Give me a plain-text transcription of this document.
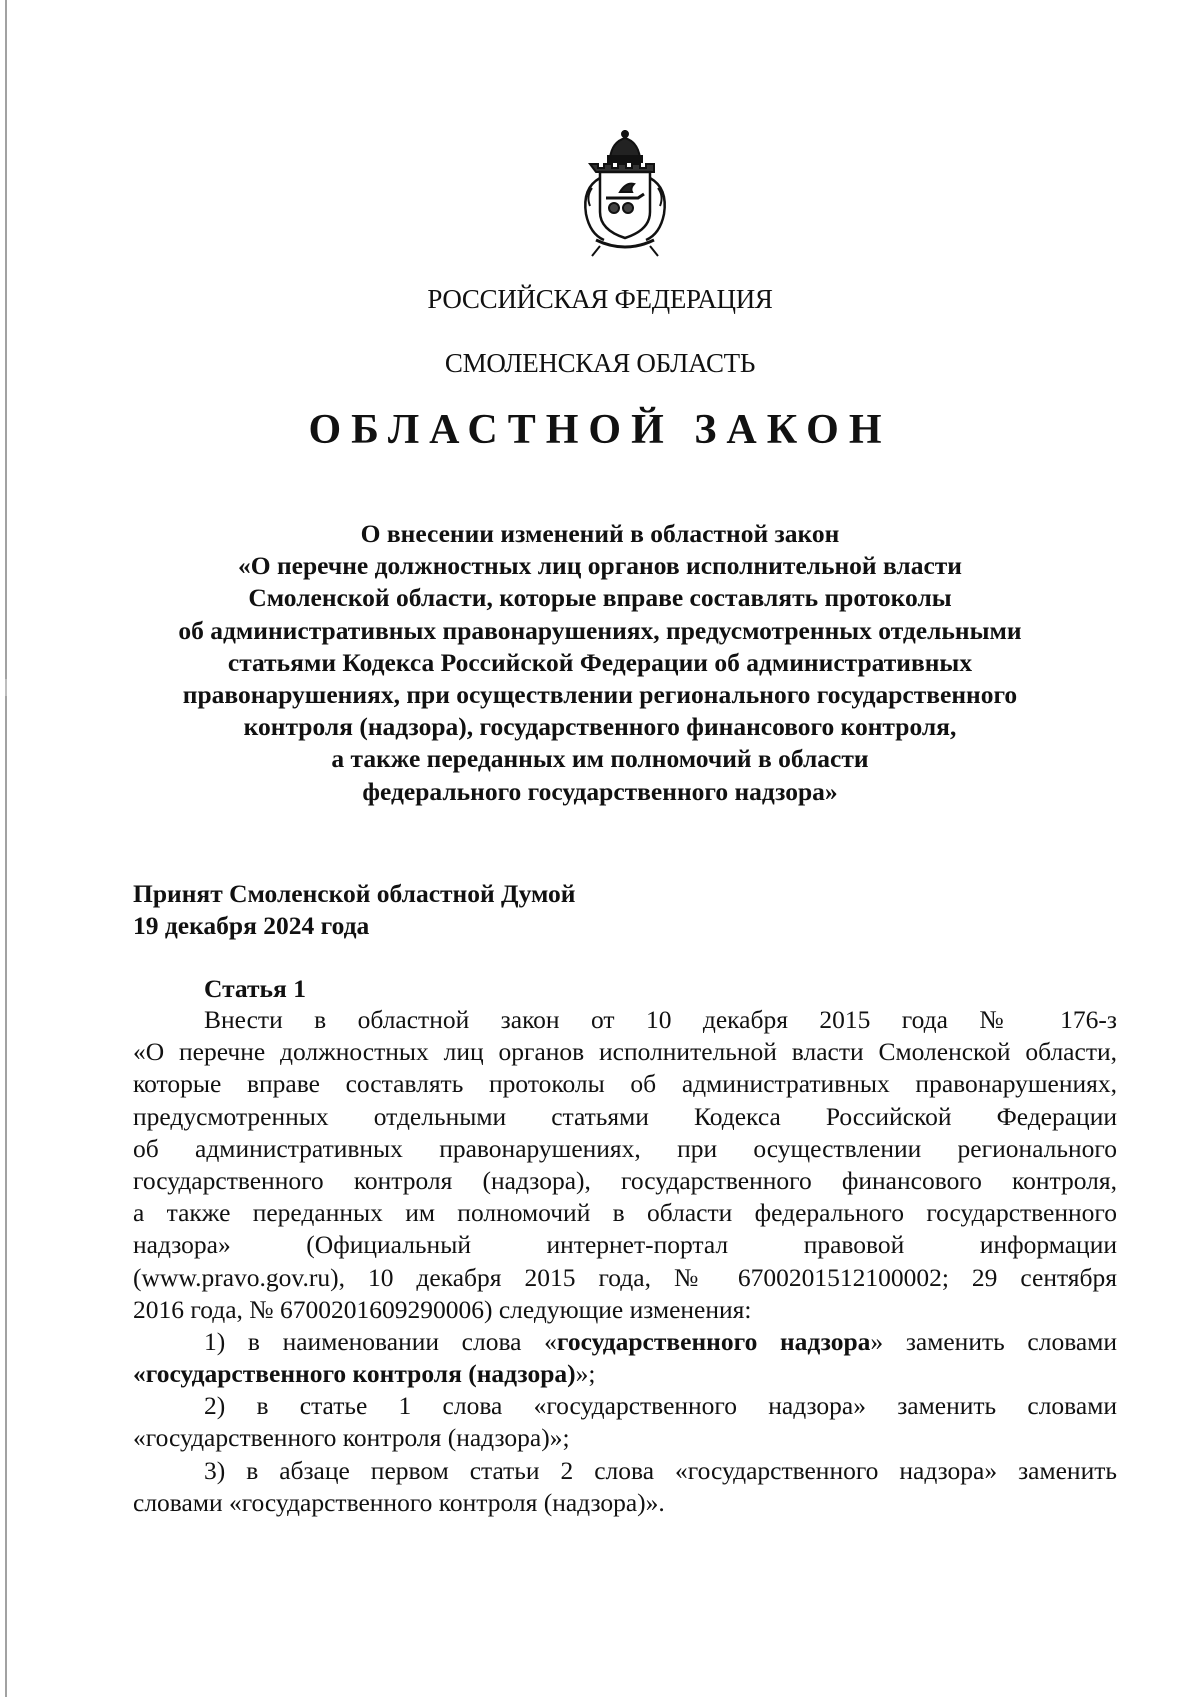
РОССИЙСКАЯ ФЕДЕРАЦИЯ
СМОЛЕНСКАЯ ОБЛАСТЬ
ОБЛАСТНОЙ ЗАКОН
О внесении изменений в областной закон
«О перечне должностных лиц органов исполнительной власти
Смоленской области, которые вправе составлять протоколы
об административных правонарушениях, предусмотренных отдельными
статьями Кодекса Российской Федерации об административных
правонарушениях, при осуществлении регионального государственного
контроля (надзора), государственного финансового контроля,
а также переданных им полномочий в области
федерального государственного надзора»
Принят Смоленской областной Думой
19 декабря 2024 года
Статья 1
Внести в областной закон от 10 декабря 2015 года № 176-з
«О перечне должностных лиц органов исполнительной власти Смоленской области,
которые вправе составлять протоколы об административных правонарушениях,
предусмотренных отдельными статьями Кодекса Российской Федерации
об административных правонарушениях, при осуществлении регионального
государственного контроля (надзора), государственного финансового контроля,
а также переданных им полномочий в области федерального государственного
надзора» (Официальный интернет-портал правовой информации
(www.pravo.gov.ru), 10 декабря 2015 года, № 6700201512100002; 29 сентября
2016 года, № 6700201609290006) следующие изменения:
1) в наименовании слова «государственного надзора» заменить словами
«государственного контроля (надзора)»;
2) в статье 1 слова «государственного надзора» заменить словами
«государственного контроля (надзора)»;
3) в абзаце первом статьи 2 слова «государственного надзора» заменить
словами «государственного контроля (надзора)».
